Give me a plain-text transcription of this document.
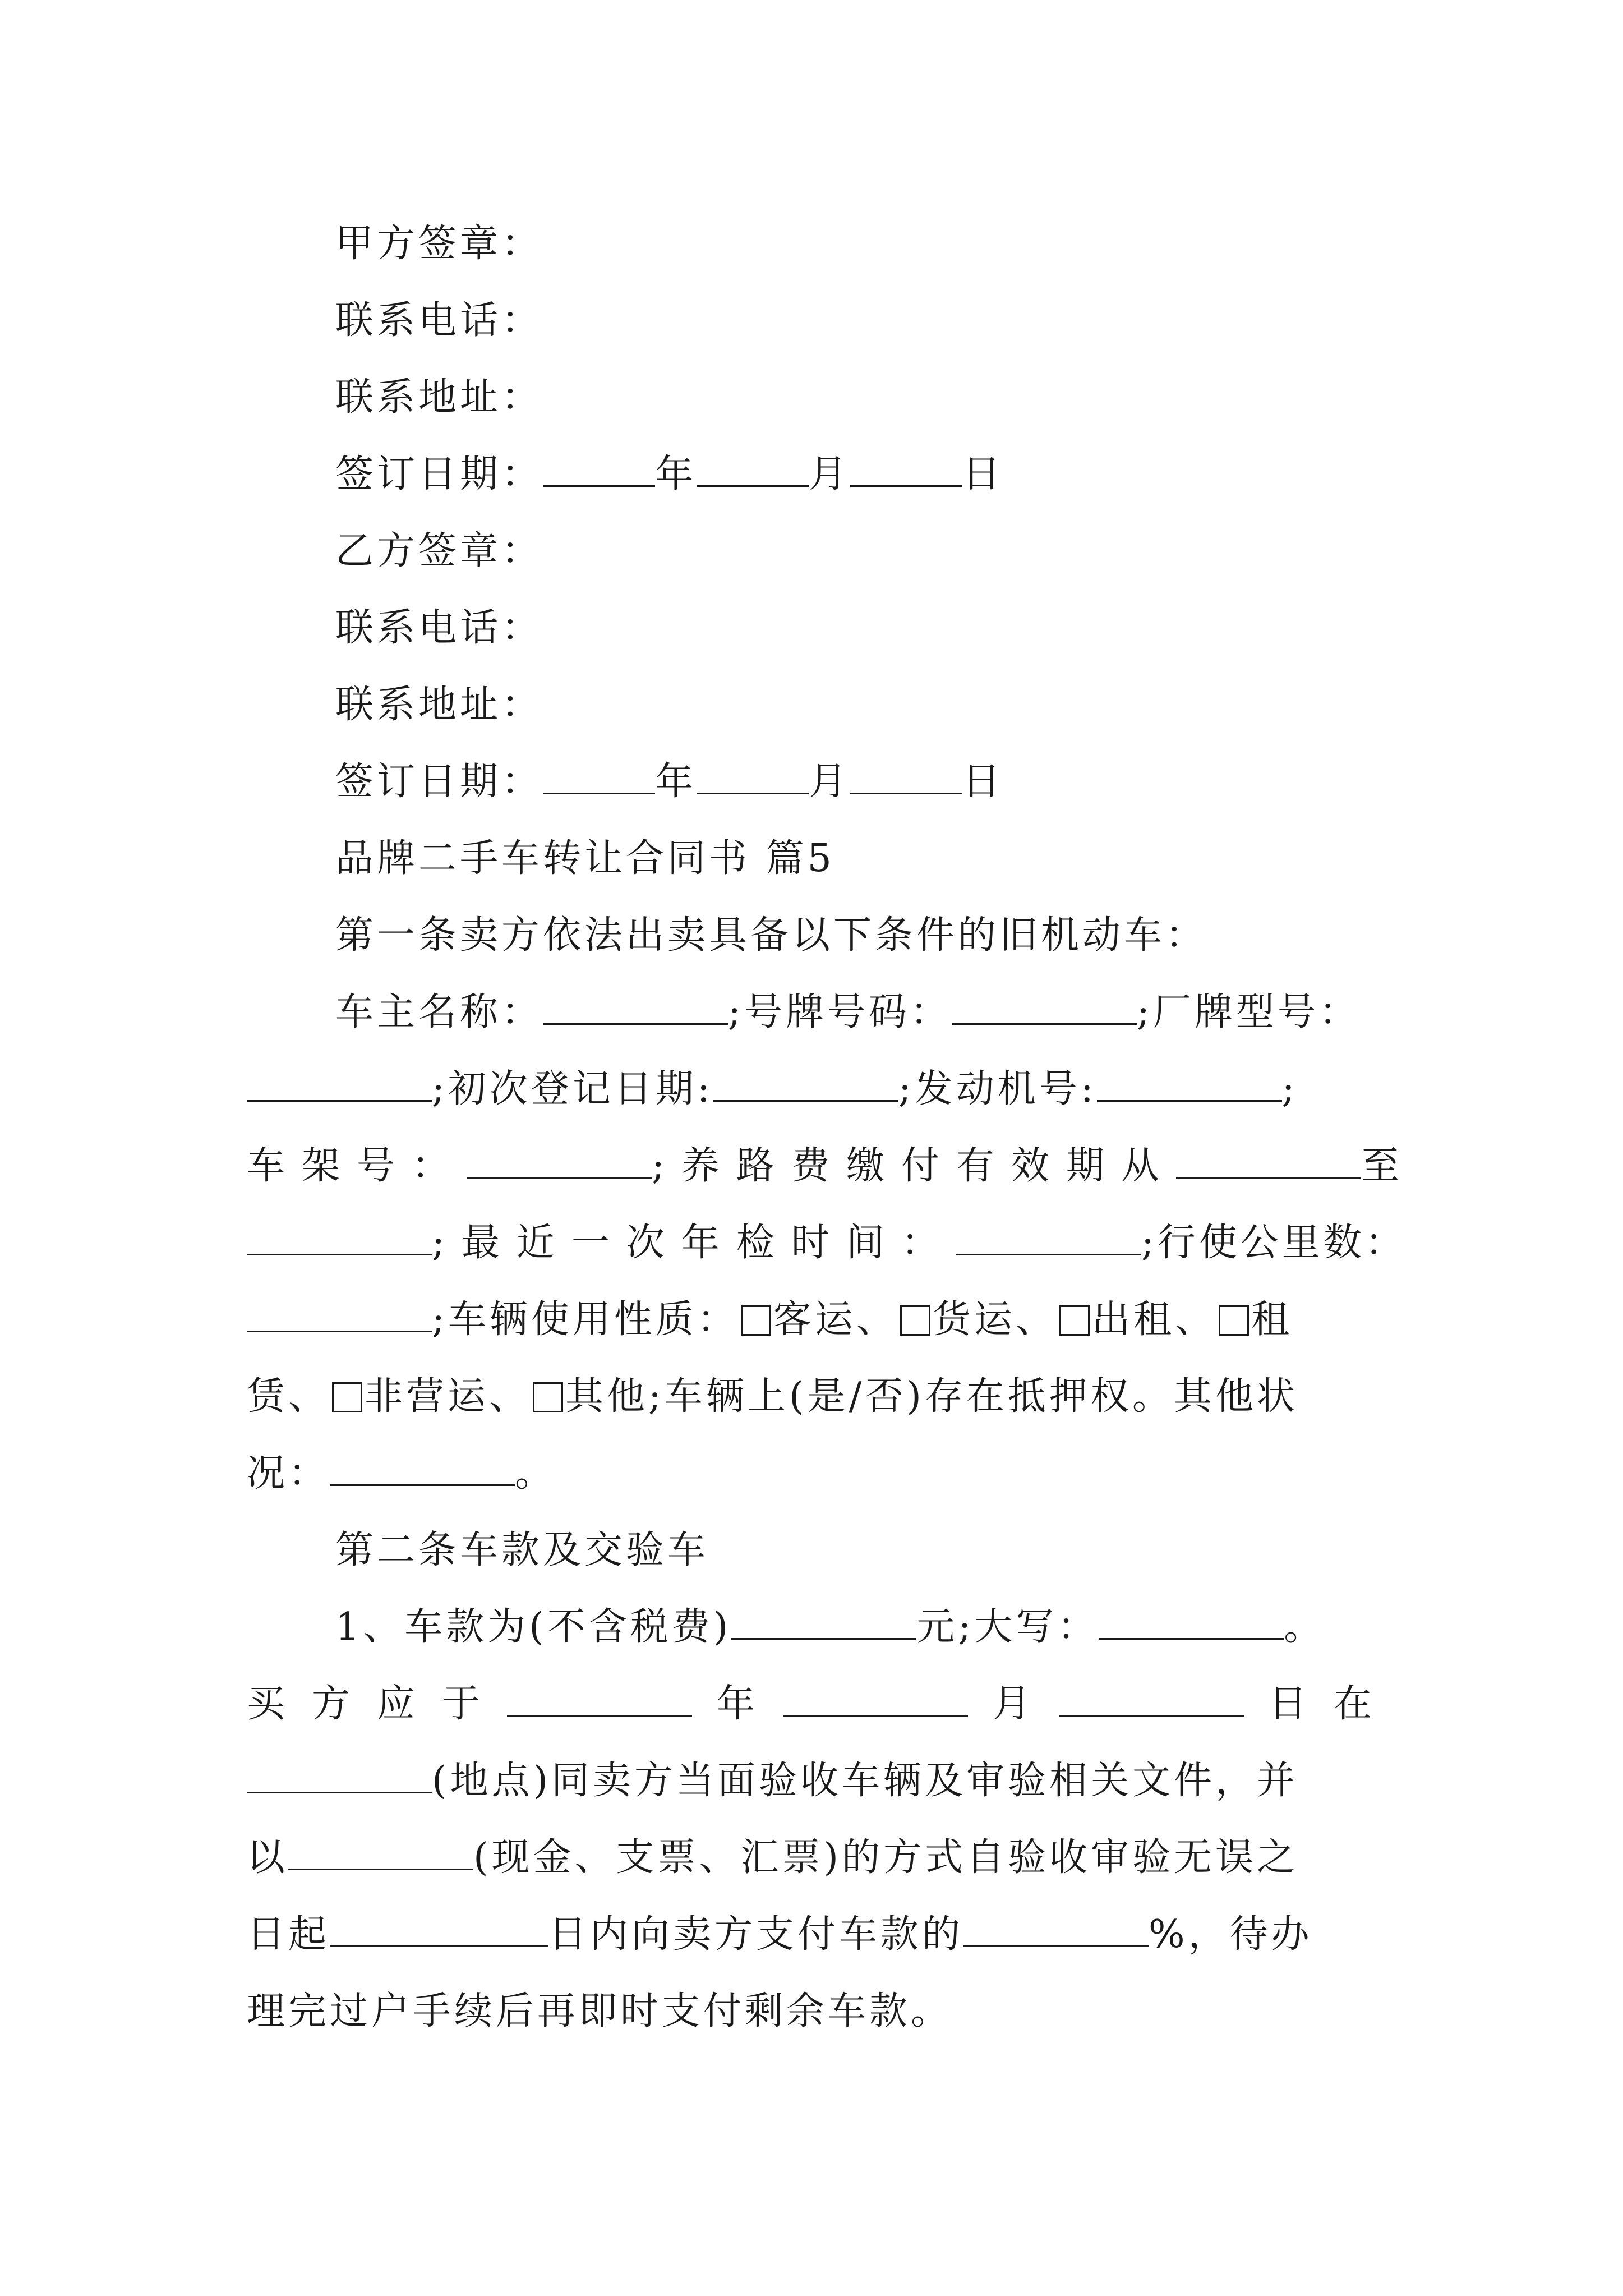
甲方签章：
联系电话：
联系地址：
签订日期：	年	月	日
乙方签章：
联系电话：
联系地址：
签订日期：	年	月	日
品牌二手车转让合同书 篇5
第一条卖方依法出卖具备以下条件的旧机动车：
车主名称：	;号牌号码：	;厂牌型号：
;初次登记日期:	;发动机号:	;
车架号：	;养路费缴付有效期从	至
;最近一次年检时间：	;行使公里数：
;车辆使用性质： 客运、 货运、 出租、 租
赁、 非营运、 其他;车辆上(是/否)存在抵押权。其他状
况：	。
第二条车款及交验车
1、车款为(不含税费)	元;大写：	。
买方应于	年	月	日在
(地点)同卖方当面验收车辆及审验相关文件，并
以	(现金、支票、汇票)的方式自验收审验无误之
日起	日内向卖方支付车款的	%，待办
理完过户手续后再即时支付剩余车款。
